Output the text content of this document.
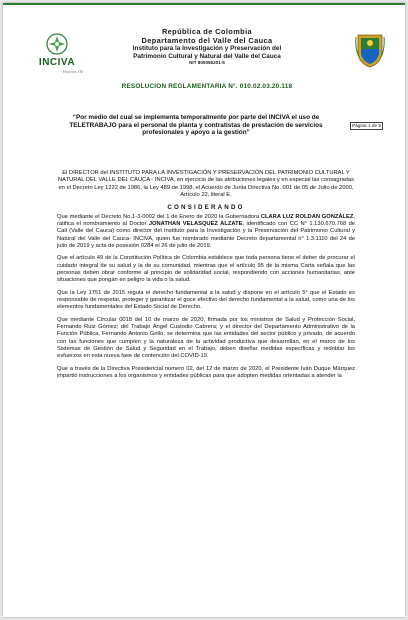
INCIVA
Vivimos Ok
República de Colombia
Departamento del Valle del Cauca
Instituto para la Investigación y Preservación del
Patrimonio Cultural y Natural del Valle del Cauca
NIT 800056201-5
RESOLUCION REGLAMENTARIA N°. 010.02.03.20.118
“Por medio del cual se implementa temporalmente por parte del INCIVA el uso de TELETRABAJO para el personal de planta y contratistas de prestación de servicios profesionales y apoyo a la gestión”
Página 1 de 5

El DIRECTOR del INSTITUTO PARA LA INVESTIGACIÓN Y PRESERVACIÓN DEL PATRIMONIO CULTURAL Y NATURAL DEL VALLE DEL CAUCA - INCIVA, en ejercicio de las atribuciones legales y en especial las consagradas en el Decreto Ley 1222 de 1986, la Ley 489 de 1998, el Acuerdo de Junta Directiva No. 001 de 05 de Julio de 2000, Artículo 22, literal E.

CONSIDERANDO

Que mediante el Decreto No.1-3-0002 del 1 de Enero de 2020 la Gobernadora CLARA LUZ ROLDAN GONZÁLEZ, ratifica el nombramiento al Doctor JONATHAN VELASQUEZ ALZATE, identificado con CC N° 1.130.670.768 de Cali (Valle del Cauca) como director del Instituto para la Investigación y la Preservación del Patrimonio Cultural y Natural del Valle del Cauca- INCIVA, quien fue nombrado mediante Decreto departamental n° 1.3.1110 del 24 de julio de 2019 y acta de posesión 0284 el 26 de julio de 2019.

Que el artículo 49 de la Constitución Política de Colombia establece que toda persona tiene el deber de procurar el cuidado integral de su salud y la de su comunidad, mientras que el artículo 95 de la misma Carta señala que las personas deben obrar conforme al principio de solidaridad social, respondiendo con acciones humanitarias, ante situaciones que pongan en peligro la vida o la salud.

Que la Ley 1751 de 2015 regula el derecho fundamental a la salud y dispone en el artículo 5° que el Estado es responsable de respetar, proteger y garantizar el goce efectivo del derecho fundamental a la salud, como una de los elementos fundamentales del Estado Social de Derecho.

Que mediante Circular 0018 del 10 de marzo de 2020, firmada por los ministros de Salud y Protección Social, Fernando Ruiz Gómez; del Trabajo Ángel Custodio Cabrera; y el director del Departamento Administrativo de la Función Pública, Fernando Antonio Grillo; se determina que las entidades del sector público y privado, de acuerdo con las funciones que cumplen y la naturaleza de la actividad productiva que desarrollan, en el marco de los Sistemas de Gestión de Salud y Seguridad en el Trabajo, deben diseñar medidas específicas y redoblar los esfuerzos en esta nueva fase de contención del COVID-19.

Que a través de la Directiva Presidencial número 02, del 12 de marzo de 2020, el Presidente Iván Duque Márquez impartió instrucciones a los organismos y entidades públicas para que adopten medidas orientadas a atender la
